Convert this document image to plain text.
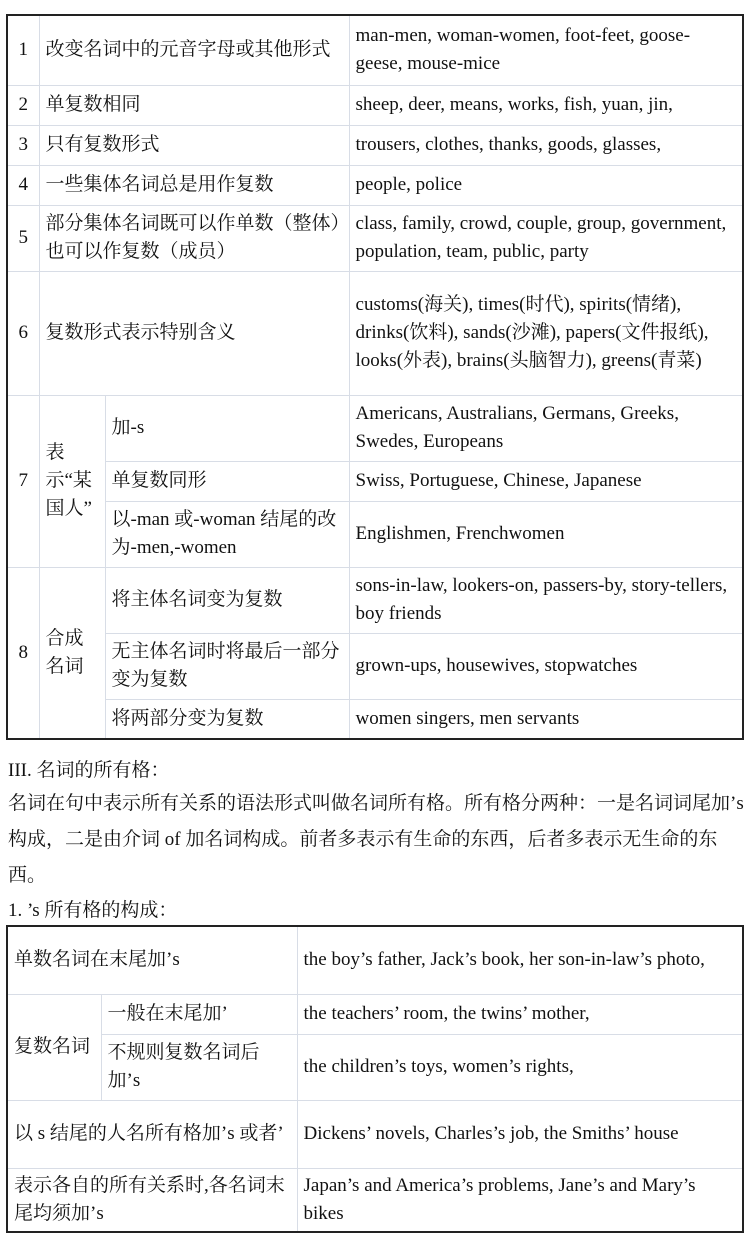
1	改变名词中的元音字母或其他形式		man-men, woman-women, foot-feet, goose-geese, mouse-mice
2	单复数相同		sheep, deer, means, works, fish, yuan, jin,
3	只有复数形式		trousers, clothes, thanks, goods, glasses,
4	一些集体名词总是用作复数		people, police
5	部分集体名词既可以作单数（整体）也可以作复数（成员）		class, family, crowd, couple, group, government, population, team, public, party
6	复数形式表示特别含义		customs(海关), times(时代), spirits(情绪), drinks(饮料), sands(沙滩), papers(文件报纸), looks(外表), brains(头脑智力), greens(青菜)
7	表示“某国人”	加-s	Americans, Australians, Germans, Greeks, Swedes, Europeans
		单复数同形	Swiss, Portuguese, Chinese, Japanese
		以-man 或-woman 结尾的改为-men,-women	Englishmen, Frenchwomen
8	合成名词	将主体名词变为复数	sons-in-law, lookers-on, passers-by, story-tellers, boy friends
		无主体名词时将最后一部分变为复数	grown-ups, housewives, stopwatches
		将两部分变为复数	women singers, men servants
III. 名词的所有格：
名词在句中表示所有关系的语法形式叫做名词所有格。所有格分两种：一是名词词尾加’s 构成，二是由介词 of 加名词构成。前者多表示有生命的东西，后者多表示无生命的东西。
1. ’s 所有格的构成：
单数名词在末尾加’s		the boy’s father, Jack’s book, her son-in-law’s photo,
复数名词	一般在末尾加’	the teachers’ room, the twins’ mother,
	不规则复数名词后加’s	the children’s toys, women’s rights,
以 s 结尾的人名所有格加’s 或者’		Dickens’ novels, Charles’s job, the Smiths’ house
表示各自的所有关系时,各名词末尾均须加’s		Japan’s and America’s problems, Jane’s and Mary’s bikes
